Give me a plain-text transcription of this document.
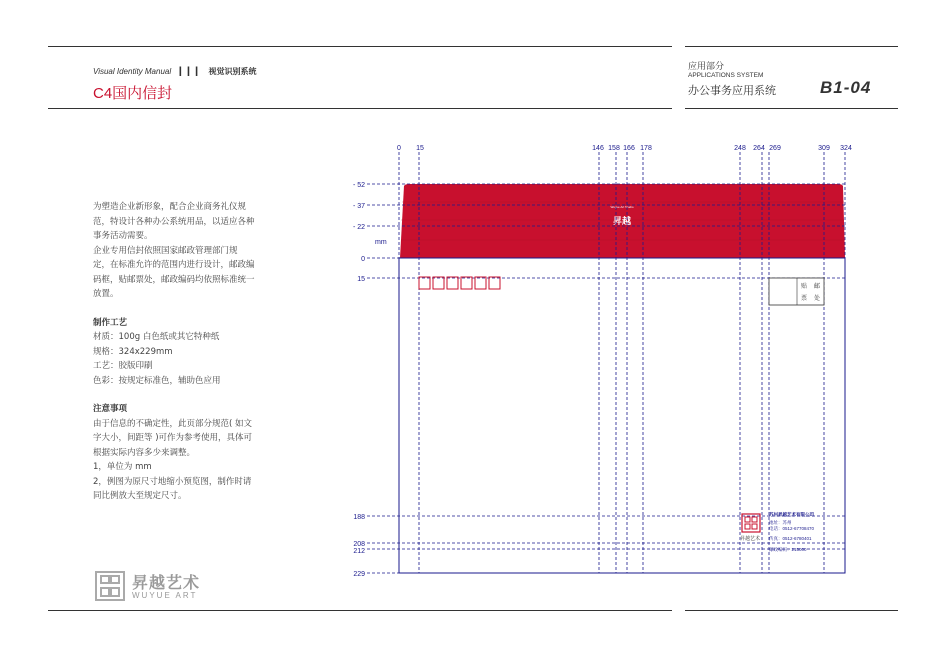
Visual Identity Manual ▎▎▎ 视觉识别系统
C4国内信封
应用部分
APPLICATIONS SYSTEM
办公事务应用系统	B1-04

为塑造企业新形象，配合企业商务礼仪规

范，特设计各种办公系统用品，以适应各种

事务活动需要。

企业专用信封依照国家邮政管理部门规

定，在标准允许的范围内进行设计，邮政编

码框，贴邮票处，邮政编码均依照标准统一

放置。

制作工艺

材质：100g 白色纸或其它特种纸

规格：324x229mm

工艺：胶版印刷

色彩：按规定标准色，辅助色应用

注意事项

由于信息的不确定性，此页部分规范( 如文

字大小，间距等 )可作为参考使用，具体可

根据实际内容多少来调整。

1，单位为 mm

2，例图为原尺寸地缩小预览图，制作时请

同比例放大至规定尺寸。

昇越艺术
WUYUE ART
Wuyue Art Studio
昇越
0 15	146 158 166 178	248 264 269	309 324
52
37
22
0
15
188
208
212
229
-
-
-
mm
贴 邮
票 处
昇越艺术
苏州昇越艺术有限公司
地址：苏州
电话：0512-67708470
传真：0512-6780401
邮政编码：215000
